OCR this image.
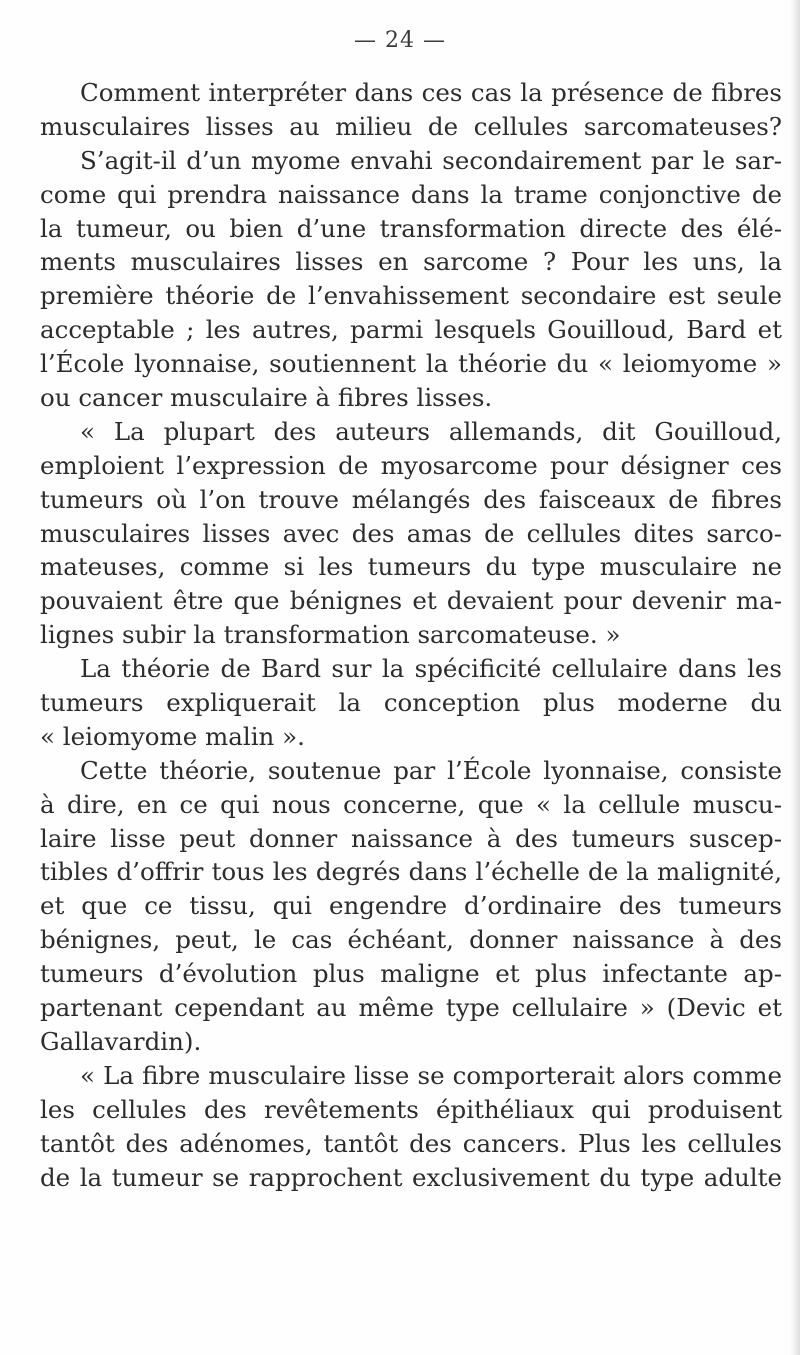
— 24 —
Comment interpréter dans ces cas la présence de fibres
musculaires lisses au milieu de cellules sarcomateuses?
S’agit-il d’un myome envahi secondairement par le sar-
come qui prendra naissance dans la trame conjonctive de
la tumeur, ou bien d’une transformation directe des élé-
ments musculaires lisses en sarcome ? Pour les uns, la
première théorie de l’envahissement secondaire est seule
acceptable ; les autres, parmi lesquels Gouilloud, Bard et
l’École lyonnaise, soutiennent la théorie du « leiomyome »
ou cancer musculaire à fibres lisses.
« La plupart des auteurs allemands, dit Gouilloud,
emploient l’expression de myosarcome pour désigner ces
tumeurs où l’on trouve mélangés des faisceaux de fibres
musculaires lisses avec des amas de cellules dites sarco-
mateuses, comme si les tumeurs du type musculaire ne
pouvaient être que bénignes et devaient pour devenir ma-
lignes subir la transformation sarcomateuse. »
La théorie de Bard sur la spécificité cellulaire dans les
tumeurs expliquerait la conception plus moderne du
« leiomyome malin ».
Cette théorie, soutenue par l’École lyonnaise, consiste
à dire, en ce qui nous concerne, que « la cellule muscu-
laire lisse peut donner naissance à des tumeurs suscep-
tibles d’offrir tous les degrés dans l’échelle de la malignité,
et que ce tissu, qui engendre d’ordinaire des tumeurs
bénignes, peut, le cas échéant, donner naissance à des
tumeurs d’évolution plus maligne et plus infectante ap-
partenant cependant au même type cellulaire » (Devic et
Gallavardin).
« La fibre musculaire lisse se comporterait alors comme
les cellules des revêtements épithéliaux qui produisent
tantôt des adénomes, tantôt des cancers. Plus les cellules
de la tumeur se rapprochent exclusivement du type adulte
